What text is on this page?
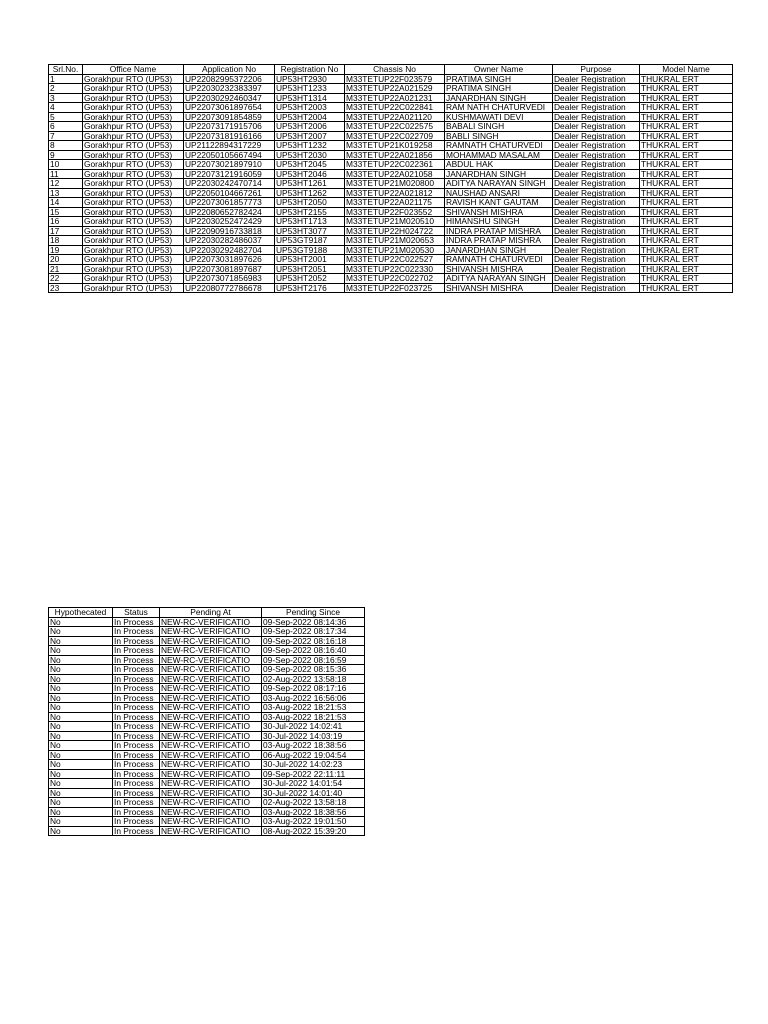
Srl.No.	Office Name	Application No	Registration No	Chassis No	Owner Name	Purpose	Model Name
1	Gorakhpur RTO (UP53)	UP22082995372206	UP53HT2930	M33TETUP22F023579	PRATIMA SINGH	Dealer Registration	THUKRAL ERT
2	Gorakhpur RTO (UP53)	UP22030232383397	UP53HT1233	M33TETUP22A021529	PRATIMA SINGH	Dealer Registration	THUKRAL ERT
3	Gorakhpur RTO (UP53)	UP22030292460347	UP53HT1314	M33TETUP22A021231	JANARDHAN SINGH	Dealer Registration	THUKRAL ERT
4	Gorakhpur RTO (UP53)	UP22073061897654	UP53HT2003	M33TETUP22C022841	RAM NATH CHATURVEDI	Dealer Registration	THUKRAL ERT
5	Gorakhpur RTO (UP53)	UP22073091854859	UP53HT2004	M33TETUP22A021120	KUSHMAWATI DEVI	Dealer Registration	THUKRAL ERT
6	Gorakhpur RTO (UP53)	UP22073171915706	UP53HT2006	M33TETUP22C022575	BABALI SINGH	Dealer Registration	THUKRAL ERT
7	Gorakhpur RTO (UP53)	UP22073181916166	UP53HT2007	M33TETUP22C022709	BABLI SINGH	Dealer Registration	THUKRAL ERT
8	Gorakhpur RTO (UP53)	UP21122894317229	UP53HT1232	M33TETUP21K019258	RAMNATH CHATURVEDI	Dealer Registration	THUKRAL ERT
9	Gorakhpur RTO (UP53)	UP22050105667494	UP53HT2030	M33TETUP22A021856	MOHAMMAD MASALAM	Dealer Registration	THUKRAL ERT
10	Gorakhpur RTO (UP53)	UP22073021897910	UP53HT2045	M33TETUP22C022361	ABDUL HAK	Dealer Registration	THUKRAL ERT
11	Gorakhpur RTO (UP53)	UP22073121916059	UP53HT2046	M33TETUP22A021058	JANARDHAN SINGH	Dealer Registration	THUKRAL ERT
12	Gorakhpur RTO (UP53)	UP22030242470714	UP53HT1261	M33TETUP21M020800	ADITYA NARAYAN SINGH	Dealer Registration	THUKRAL ERT
13	Gorakhpur RTO (UP53)	UP22050104667261	UP53HT1262	M33TETUP22A021812	NAUSHAD ANSARI	Dealer Registration	THUKRAL ERT
14	Gorakhpur RTO (UP53)	UP22073061857773	UP53HT2050	M33TETUP22A021175	RAVISH KANT GAUTAM	Dealer Registration	THUKRAL ERT
15	Gorakhpur RTO (UP53)	UP22080652782424	UP53HT2155	M33TETUP22F023552	SHIVANSH MISHRA	Dealer Registration	THUKRAL ERT
16	Gorakhpur RTO (UP53)	UP22030252472429	UP53HT1713	M33TETUP21M020510	HIMANSHU SINGH	Dealer Registration	THUKRAL ERT
17	Gorakhpur RTO (UP53)	UP22090916733818	UP53HT3077	M33TETUP22H024722	INDRA PRATAP MISHRA	Dealer Registration	THUKRAL ERT
18	Gorakhpur RTO (UP53)	UP22030282486037	UP53GT9187	M33TETUP21M020653	INDRA PRATAP MISHRA	Dealer Registration	THUKRAL ERT
19	Gorakhpur RTO (UP53)	UP22030292482704	UP53GT9188	M33TETUP21M020530	JANARDHAN SINGH	Dealer Registration	THUKRAL ERT
20	Gorakhpur RTO (UP53)	UP22073031897626	UP53HT2001	M33TETUP22C022527	RAMNATH CHATURVEDI	Dealer Registration	THUKRAL ERT
21	Gorakhpur RTO (UP53)	UP22073081897687	UP53HT2051	M33TETUP22C022330	SHIVANSH MISHRA	Dealer Registration	THUKRAL ERT
22	Gorakhpur RTO (UP53)	UP22073071856983	UP53HT2052	M33TETUP22C022702	ADITYA NARAYAN SINGH	Dealer Registration	THUKRAL ERT
23	Gorakhpur RTO (UP53)	UP22080772786678	UP53HT2176	M33TETUP22F023725	SHIVANSH MISHRA	Dealer Registration	THUKRAL ERT
Hypothecated	Status	Pending At	Pending Since
No	In Process	NEW-RC-VERIFICATIO	09-Sep-2022 08:14:36
No	In Process	NEW-RC-VERIFICATIO	09-Sep-2022 08:17:34
No	In Process	NEW-RC-VERIFICATIO	09-Sep-2022 08:16:18
No	In Process	NEW-RC-VERIFICATIO	09-Sep-2022 08:16:40
No	In Process	NEW-RC-VERIFICATIO	09-Sep-2022 08:16:59
No	In Process	NEW-RC-VERIFICATIO	09-Sep-2022 08:15:36
No	In Process	NEW-RC-VERIFICATIO	02-Aug-2022 13:58:18
No	In Process	NEW-RC-VERIFICATIO	09-Sep-2022 08:17:16
No	In Process	NEW-RC-VERIFICATIO	03-Aug-2022 16:56:06
No	In Process	NEW-RC-VERIFICATIO	03-Aug-2022 18:21:53
No	In Process	NEW-RC-VERIFICATIO	03-Aug-2022 18:21:53
No	In Process	NEW-RC-VERIFICATIO	30-Jul-2022 14:02:41
No	In Process	NEW-RC-VERIFICATIO	30-Jul-2022 14:03:19
No	In Process	NEW-RC-VERIFICATIO	03-Aug-2022 18:38:56
No	In Process	NEW-RC-VERIFICATIO	06-Aug-2022 19:04:54
No	In Process	NEW-RC-VERIFICATIO	30-Jul-2022 14:02:23
No	In Process	NEW-RC-VERIFICATIO	09-Sep-2022 22:11:11
No	In Process	NEW-RC-VERIFICATIO	30-Jul-2022 14:01:54
No	In Process	NEW-RC-VERIFICATIO	30-Jul-2022 14:01:40
No	In Process	NEW-RC-VERIFICATIO	02-Aug-2022 13:58:18
No	In Process	NEW-RC-VERIFICATIO	03-Aug-2022 18:38:56
No	In Process	NEW-RC-VERIFICATIO	03-Aug-2022 19:01:50
No	In Process	NEW-RC-VERIFICATIO	08-Aug-2022 15:39:20
